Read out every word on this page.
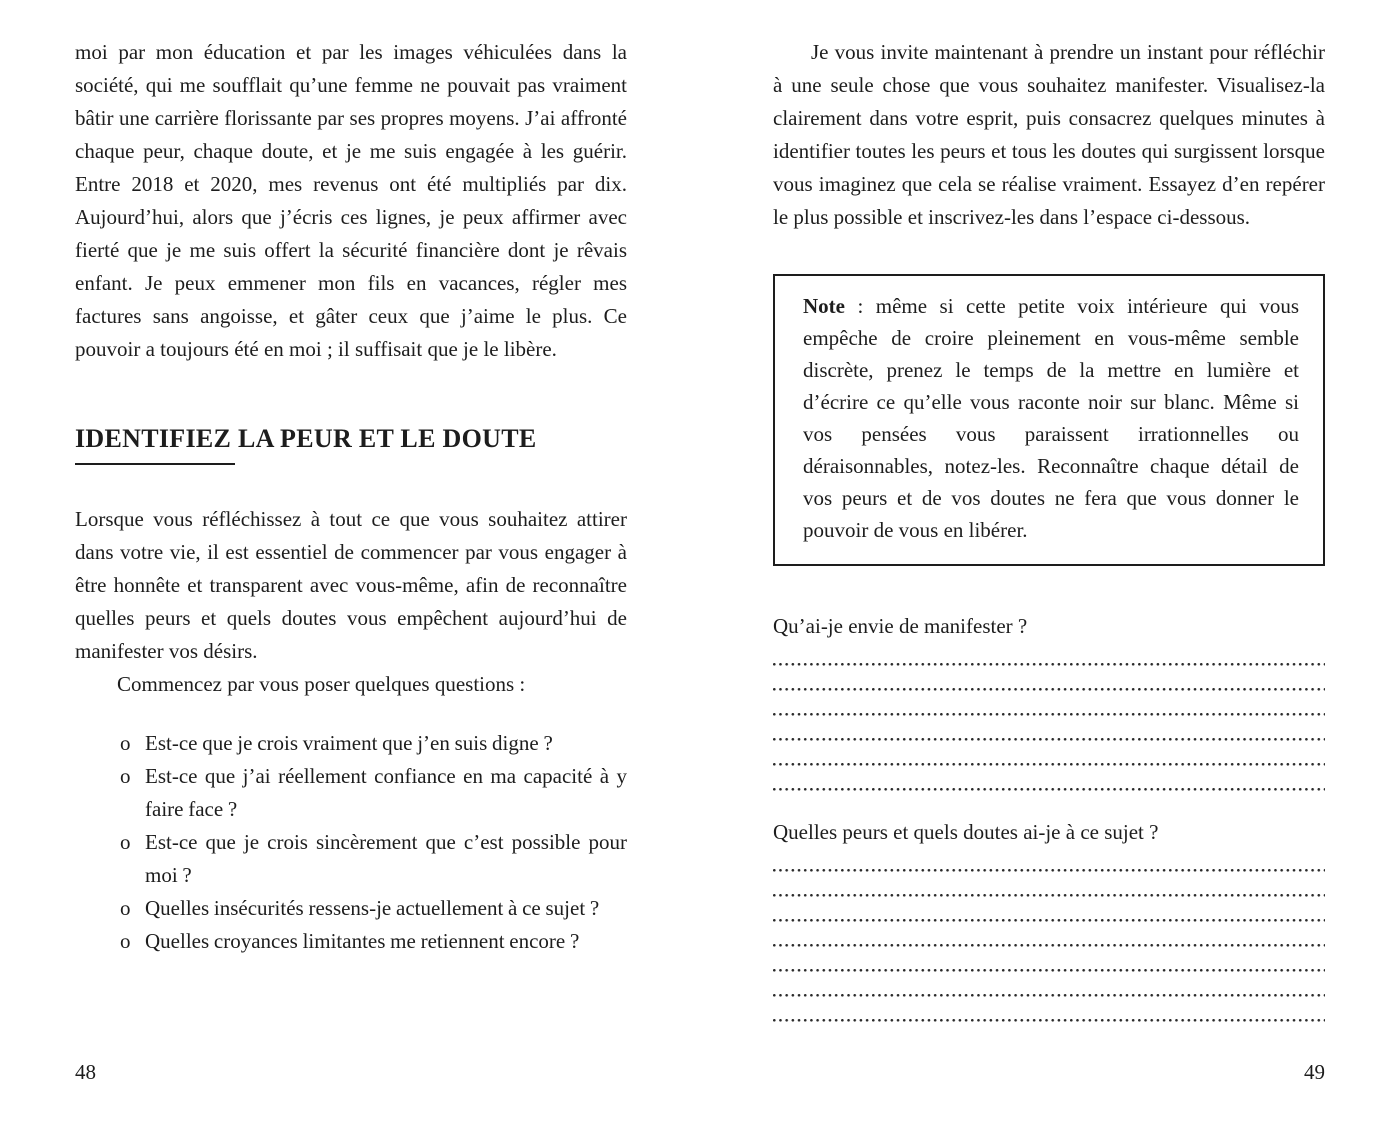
moi par mon éducation et par les images véhiculées dans la société, qui me soufflait qu’une femme ne pouvait pas vraiment bâtir une carrière florissante par ses propres moyens. J’ai affronté chaque peur, chaque doute, et je me suis engagée à les guérir. Entre 2018 et 2020, mes revenus ont été multipliés par dix. Aujourd’hui, alors que j’écris ces lignes, je peux affirmer avec fierté que je me suis offert la sécurité financière dont je rêvais enfant. Je peux emmener mon fils en vacances, régler mes factures sans angoisse, et gâter ceux que j’aime le plus. Ce pouvoir a toujours été en moi ; il suffisait que je le libère.

IDENTIFIEZ LA PEUR ET LE DOUTE

Lorsque vous réfléchissez à tout ce que vous souhaitez attirer dans votre vie, il est essentiel de commencer par vous engager à être honnête et transparent avec vous-même, afin de reconnaître quelles peurs et quels doutes vous empêchent aujourd’hui de manifester vos désirs.

Commencez par vous poser quelques questions :

o Est-ce que je crois vraiment que j’en suis digne ?
o Est-ce que j’ai réellement confiance en ma capacité à y faire face ?
o Est-ce que je crois sincèrement que c’est possible pour moi ?
o Quelles insécurités ressens-je actuellement à ce sujet ?
o Quelles croyances limitantes me retiennent encore ?

Je vous invite maintenant à prendre un instant pour réfléchir à une seule chose que vous souhaitez manifester. Visualisez-la clairement dans votre esprit, puis consacrez quelques minutes à identifier toutes les peurs et tous les doutes qui surgissent lorsque vous imaginez que cela se réalise vraiment. Essayez d’en repérer le plus possible et inscrivez-les dans l’espace ci-dessous.

Note : même si cette petite voix intérieure qui vous empêche de croire pleinement en vous-même semble discrète, prenez le temps de la mettre en lumière et d’écrire ce qu’elle vous raconte noir sur blanc. Même si vos pensées vous paraissent irrationnelles ou déraisonnables, notez-les. Reconnaître chaque détail de vos peurs et de vos doutes ne fera que vous donner le pouvoir de vous en libérer.

Qu’ai-je envie de manifester ?
Quelles peurs et quels doutes ai-je à ce sujet ?
48	49
